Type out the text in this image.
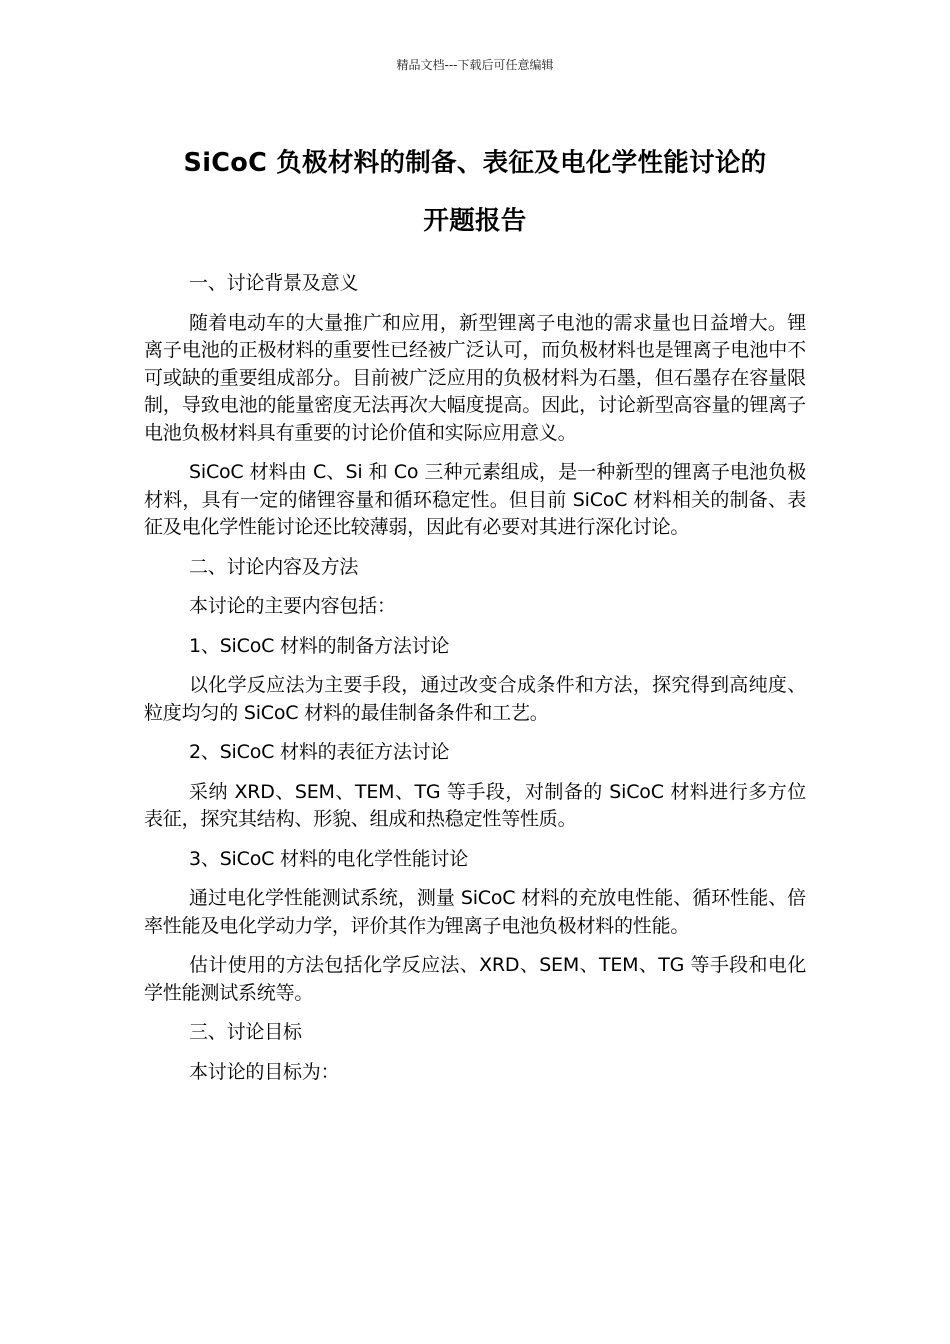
精品文档---下载后可任意编辑
SiCoC 负极材料的制备、表征及电化学性能讨论的
开题报告

一、讨论背景及意义

随着电动车的大量推广和应用，新型锂离子电池的需求量也日益增大。锂离子电池的正极材料的重要性已经被广泛认可，而负极材料也是锂离子电池中不可或缺的重要组成部分。目前被广泛应用的负极材料为石墨，但石墨存在容量限制，导致电池的能量密度无法再次大幅度提高。因此，讨论新型高容量的锂离子电池负极材料具有重要的讨论价值和实际应用意义。

SiCoC 材料由 C、Si 和 Co 三种元素组成，是一种新型的锂离子电池负极材料，具有一定的储锂容量和循环稳定性。但目前 SiCoC 材料相关的制备、表征及电化学性能讨论还比较薄弱，因此有必要对其进行深化讨论。

二、讨论内容及方法

本讨论的主要内容包括：

1、SiCoC 材料的制备方法讨论

以化学反应法为主要手段，通过改变合成条件和方法，探究得到高纯度、粒度均匀的 SiCoC 材料的最佳制备条件和工艺。

2、SiCoC 材料的表征方法讨论

采纳 XRD、SEM、TEM、TG 等手段，对制备的 SiCoC 材料进行多方位表征，探究其结构、形貌、组成和热稳定性等性质。

3、SiCoC 材料的电化学性能讨论

通过电化学性能测试系统，测量 SiCoC 材料的充放电性能、循环性能、倍率性能及电化学动力学，评价其作为锂离子电池负极材料的性能。

估计使用的方法包括化学反应法、XRD、SEM、TEM、TG 等手段和电化学性能测试系统等。

三、讨论目标

本讨论的目标为：
